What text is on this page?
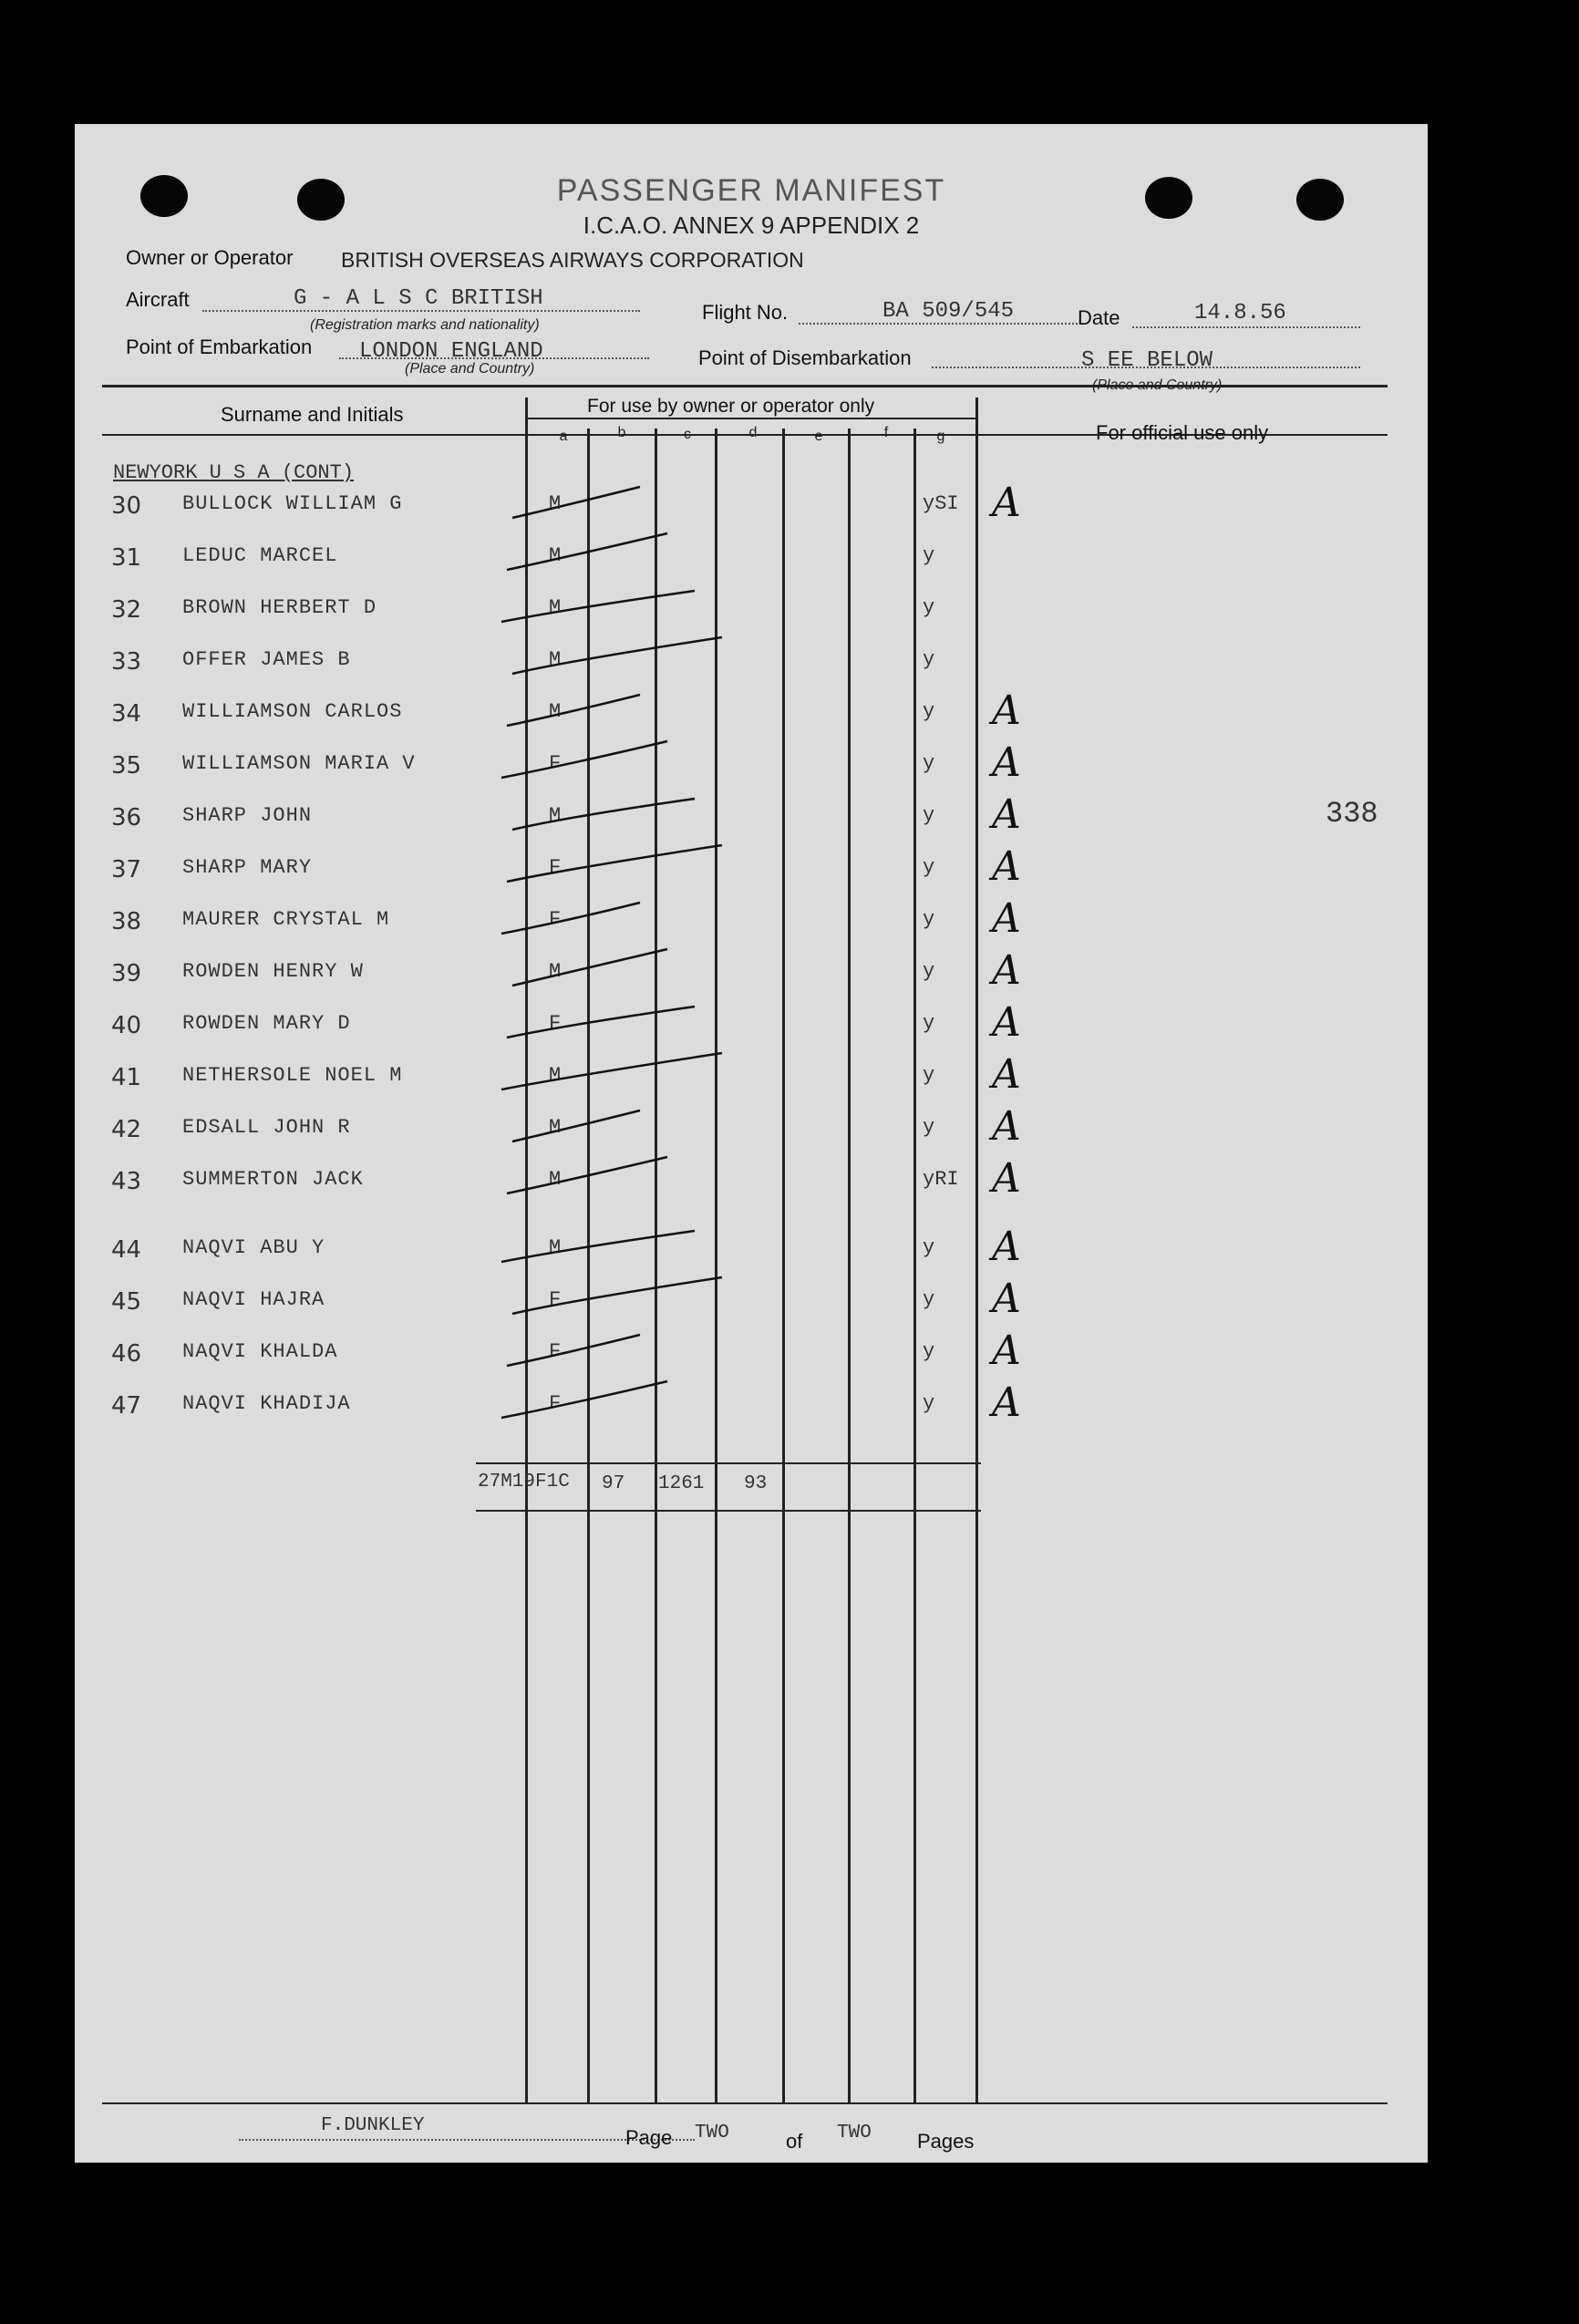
PASSENGER MANIFEST
I.C.A.O. ANNEX 9 APPENDIX 2
Owner or Operator BRITISH OVERSEAS AIRWAYS CORPORATION
Aircraft	G - A L S C BRITISH
(Registration marks and nationality)
Flight No.	BA 509/545	Date	14.8.56
Point of Embarkation LONDON ENGLAND
(Place and Country)	Point of Disembarkation	S EE BELOW
Surname and Initials	For use by owner or operator only
For official use only
a	b	c	d	e	f	g
NEWYORK U S A (CONT)
30 BULLOCK WILLIAM G	M	ySI A
31 LEDUC MARCEL	M	y
32 BROWN HERBERT D	M	y
33 OFFER JAMES B	M	y
34 WILLIAMSON CARLOS	M	y A
35 WILLIAMSON MARIA V	F	y A
36 SHARP JOHN	M	y A
37 SHARP MARY	F	y A
38 MAURER CRYSTAL M	F	y A
39 ROWDEN HENRY W	M	y A
40 ROWDEN MARY D	F	y A
41 NETHERSOLE NOEL M	M	y A
42 EDSALL JOHN R	M	y A
43 SUMMERTON JACK	M	yRI A
44 NAQVI ABU Y	M	y A
45 NAQVI HAJRA	F	y A
46 NAQVI KHALDA	F	y A
47 NAQVI KHADIJA	F	y A
338
27M19F1C 97 1261 93
F.DUNKLEY
Page TWO	of TWO Pages
